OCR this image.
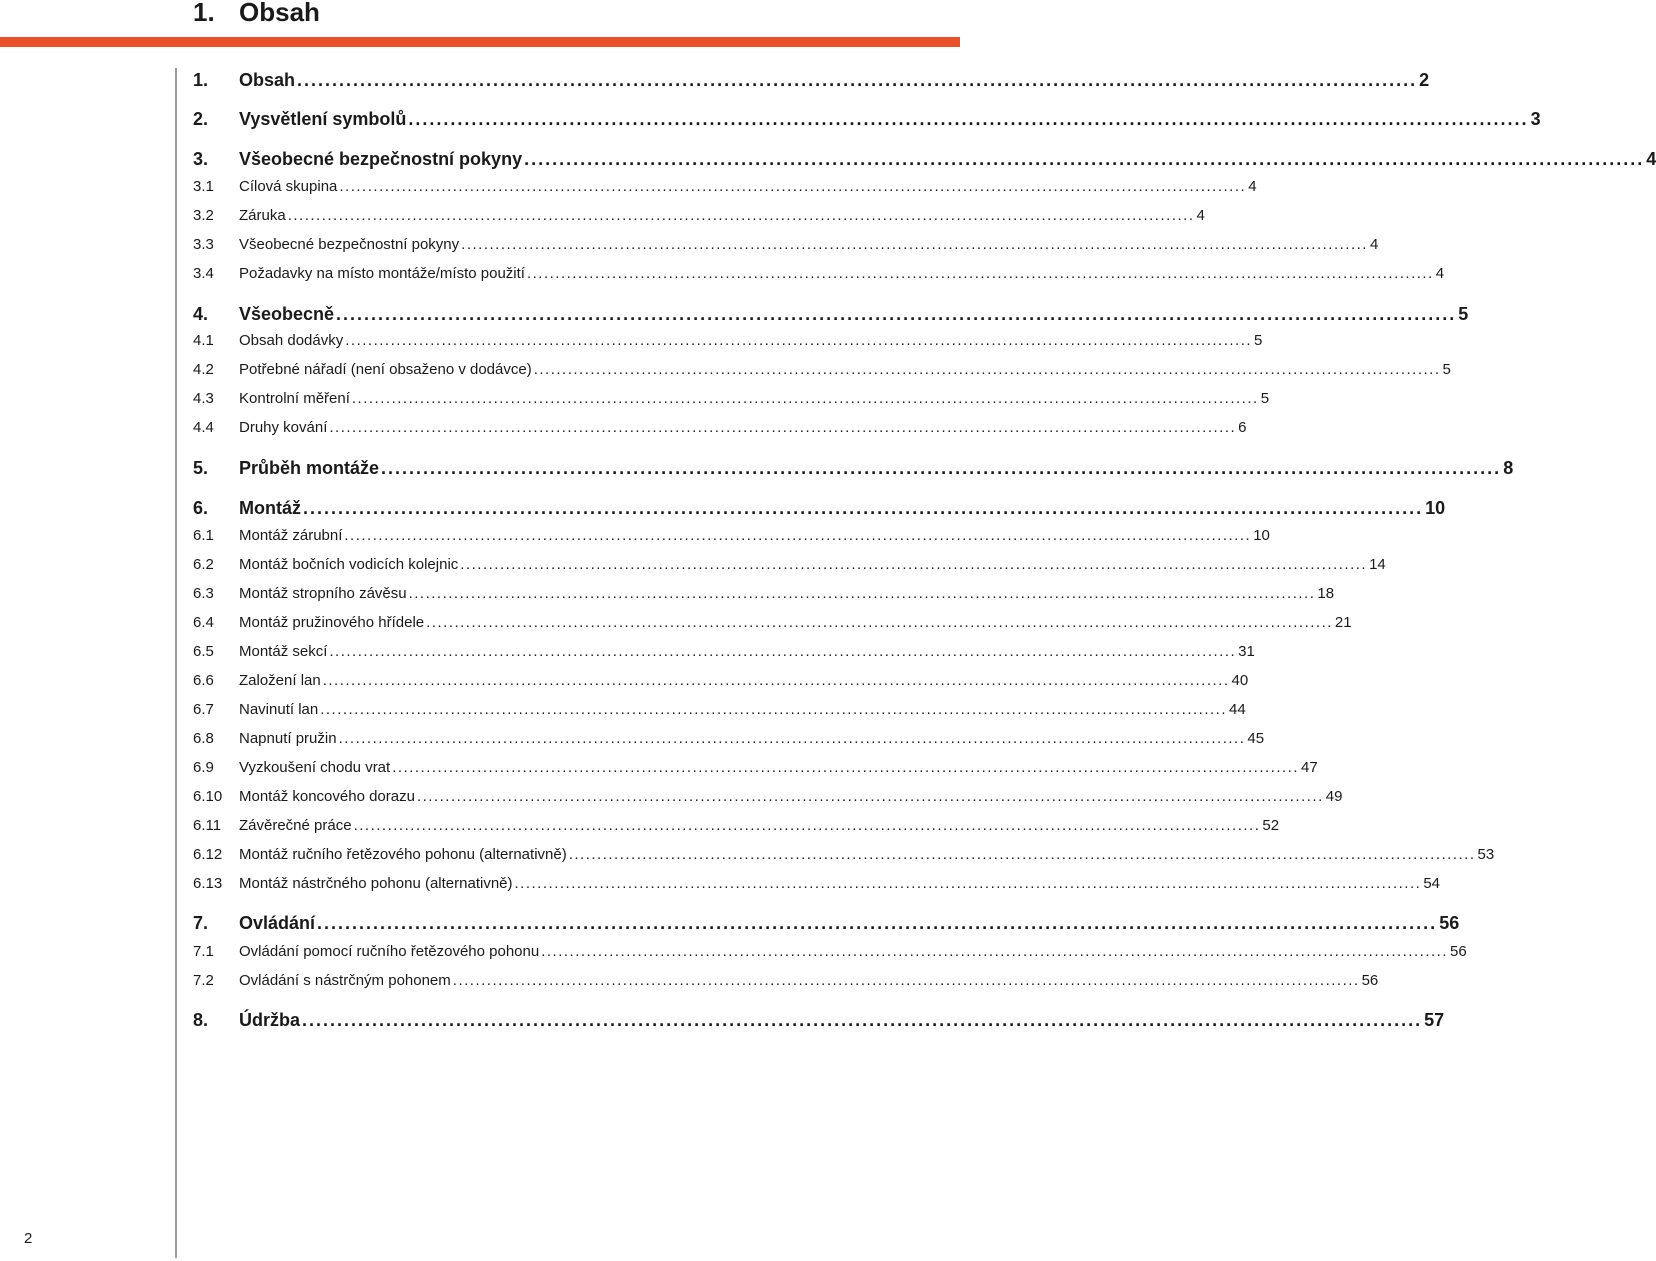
1. Obsah
1.	Obsah ................................................................................................................................................................ 2
2.	Vysvětlení symbolů ................................................................................................................................................................ 3
3.	Všeobecné bezpečnostní pokyny ................................................................................................................................................................ 4
3.1	Cílová skupina ................................................................................................................................................................ 4
3.2	Záruka ................................................................................................................................................................ 4
3.3	Všeobecné bezpečnostní pokyny ................................................................................................................................................................ 4
3.4	Požadavky na místo montáže/místo použití ................................................................................................................................................................ 4
4.	Všeobecně ................................................................................................................................................................ 5
4.1	Obsah dodávky ................................................................................................................................................................ 5
4.2	Potřebné nářadí (není obsaženo v dodávce) ................................................................................................................................................................ 5
4.3	Kontrolní měření ................................................................................................................................................................ 5
4.4	Druhy kování ................................................................................................................................................................ 6
5.	Průběh montáže ................................................................................................................................................................ 8
6.	Montáž ................................................................................................................................................................ 10
6.1	Montáž zárubní ................................................................................................................................................................ 10
6.2	Montáž bočních vodicích kolejnic ................................................................................................................................................................ 14
6.3	Montáž stropního závěsu ................................................................................................................................................................ 18
6.4	Montáž pružinového hřídele ................................................................................................................................................................ 21
6.5	Montáž sekcí ................................................................................................................................................................ 31
6.6	Založení lan ................................................................................................................................................................ 40
6.7	Navinutí lan ................................................................................................................................................................ 44
6.8	Napnutí pružin ................................................................................................................................................................ 45
6.9	Vyzkoušení chodu vrat ................................................................................................................................................................ 47
6.10	Montáž koncového dorazu ................................................................................................................................................................ 49
6.11	Závěrečné práce ................................................................................................................................................................ 52
6.12	Montáž ručního řetězového pohonu (alternativně) ................................................................................................................................................................ 53
6.13	Montáž nástrčného pohonu (alternativně) ................................................................................................................................................................ 54
7.	Ovládání ................................................................................................................................................................ 56
7.1	Ovládání pomocí ručního řetězového pohonu ................................................................................................................................................................ 56
7.2	Ovládání s nástrčným pohonem ................................................................................................................................................................ 56
8.	Údržba ................................................................................................................................................................ 57
2
